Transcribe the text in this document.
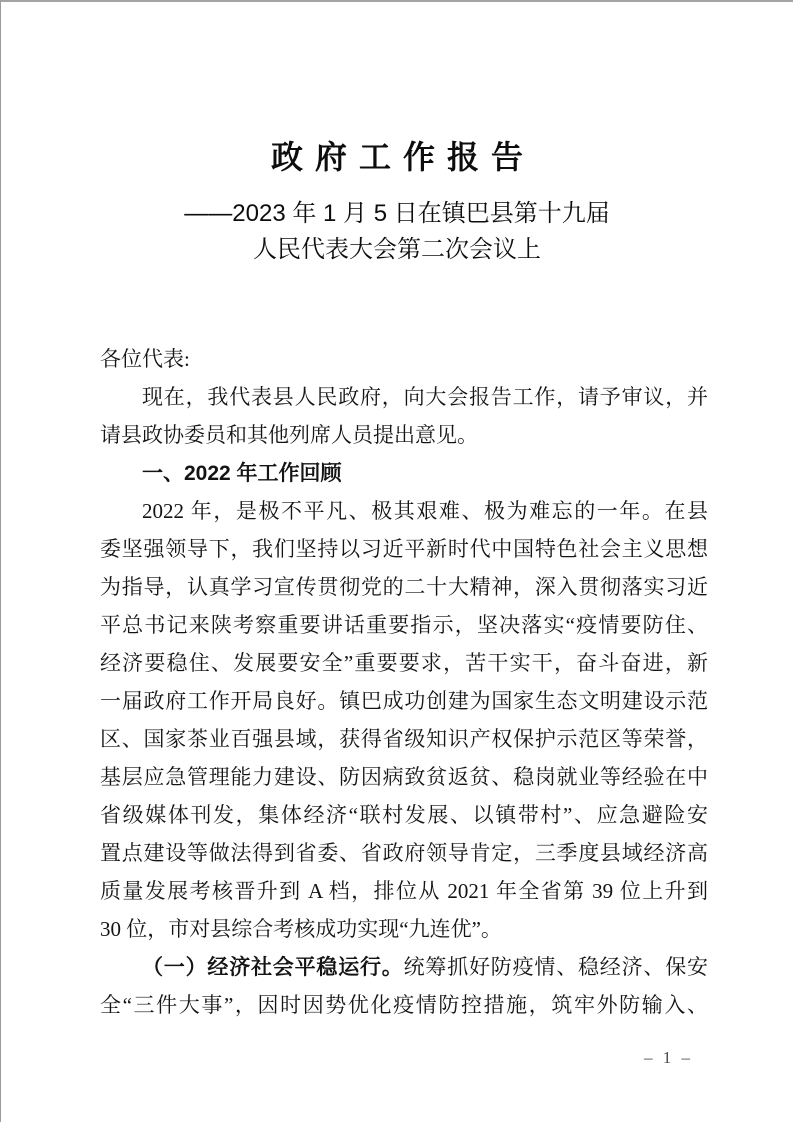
政府工作报告
——2023 年 1 月 5 日在镇巴县第十九届
人民代表大会第二次会议上
各位代表:
现在，我代表县人民政府，向大会报告工作，请予审议，并
请县政协委员和其他列席人员提出意见。
一、2022 年工作回顾
2022 年，是极不平凡、极其艰难、极为难忘的一年。在县
委坚强领导下，我们坚持以习近平新时代中国特色社会主义思想
为指导，认真学习宣传贯彻党的二十大精神，深入贯彻落实习近
平总书记来陕考察重要讲话重要指示，坚决落实“疫情要防住、
经济要稳住、发展要安全”重要要求，苦干实干，奋斗奋进，新
一届政府工作开局良好。镇巴成功创建为国家生态文明建设示范
区、国家茶业百强县域，获得省级知识产权保护示范区等荣誉，
基层应急管理能力建设、防因病致贫返贫、稳岗就业等经验在中
省级媒体刊发，集体经济“联村发展、以镇带村”、应急避险安
置点建设等做法得到省委、省政府领导肯定，三季度县域经济高
质量发展考核晋升到 A 档，排位从 2021 年全省第 39 位上升到
30 位，市对县综合考核成功实现“九连优”。
（一）经济社会平稳运行。统筹抓好防疫情、稳经济、保安
全“三件大事”，因时因势优化疫情防控措施，筑牢外防输入、
– 1 –
